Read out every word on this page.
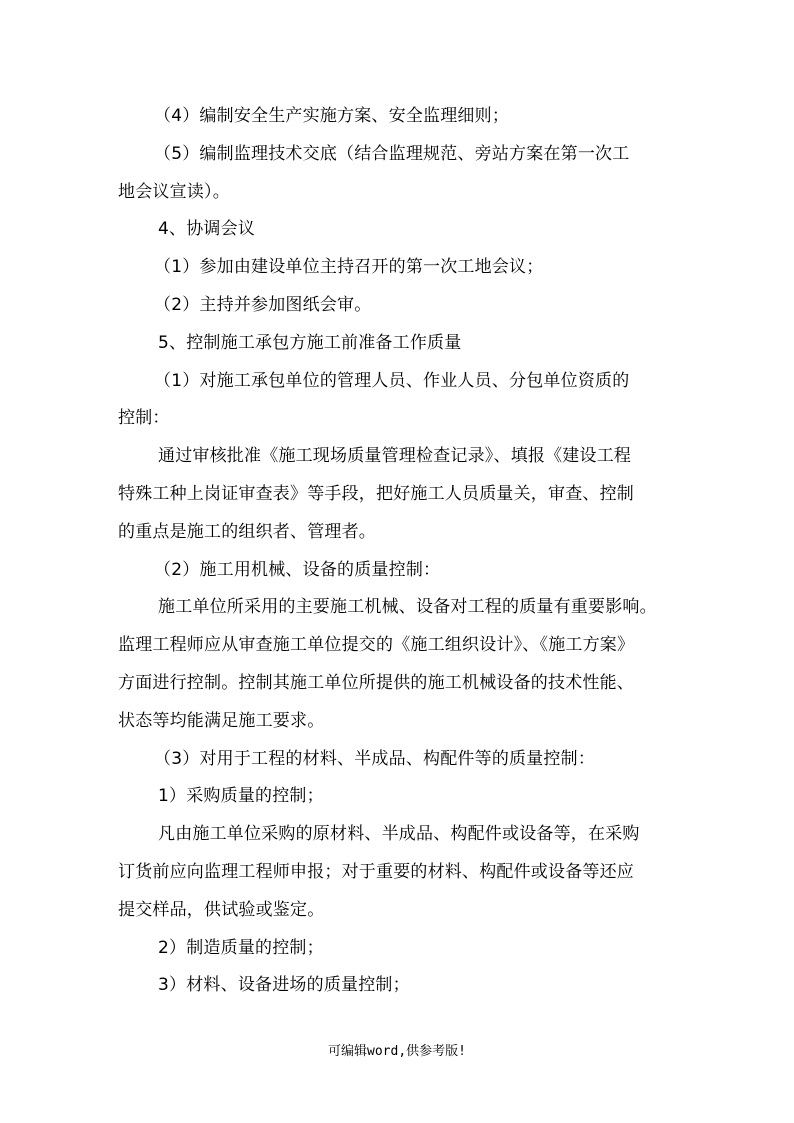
（4）编制安全生产实施方案、安全监理细则；
（5）编制监理技术交底（结合监理规范、旁站方案在第一次工
地会议宣读）。
4、协调会议
（1）参加由建设单位主持召开的第一次工地会议；
（2）主持并参加图纸会审。
5、控制施工承包方施工前准备工作质量
（1）对施工承包单位的管理人员、作业人员、分包单位资质的
控制：
通过审核批准《施工现场质量管理检查记录》、填报《建设工程
特殊工种上岗证审查表》等手段，把好施工人员质量关，审查、控制
的重点是施工的组织者、管理者。
（2）施工用机械、设备的质量控制：
施工单位所采用的主要施工机械、设备对工程的质量有重要影响。
监理工程师应从审查施工单位提交的《施工组织设计》、《施工方案》
方面进行控制。控制其施工单位所提供的施工机械设备的技术性能、
状态等均能满足施工要求。
（3）对用于工程的材料、半成品、构配件等的质量控制：
1）采购质量的控制；
凡由施工单位采购的原材料、半成品、构配件或设备等，在采购
订货前应向监理工程师申报；对于重要的材料、构配件或设备等还应
提交样品，供试验或鉴定。
2）制造质量的控制；
3）材料、设备进场的质量控制；
可编辑word,供参考版!
